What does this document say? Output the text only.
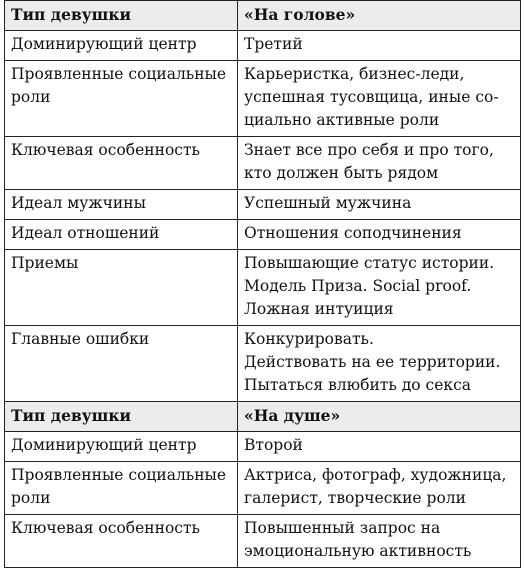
Тип девушки	«На голове»

Доминирующий центр	Третий

Проявленные социальные
роли	Карьеристка, бизнес-леди,
успешная тусовщица, иные со-
циально активные роли

Ключевая особенность	Знает все про себя и про того,
кто должен быть рядом

Идеал мужчины	Успешный мужчина

Идеал отношений	Отношения соподчинения

Приемы	Повышающие статус истории.
Модель Приза. Social proof.
Ложная интуиция

Главные ошибки	Конкурировать.
Действовать на ее территории.
Пытаться влюбить до секса

Тип девушки	«На душе»

Доминирующий центр	Второй

Проявленные социальные
роли	Актриса, фотограф, художница,
галерист, творческие роли

Ключевая особенность	Повышенный запрос на
эмоциональную активность
